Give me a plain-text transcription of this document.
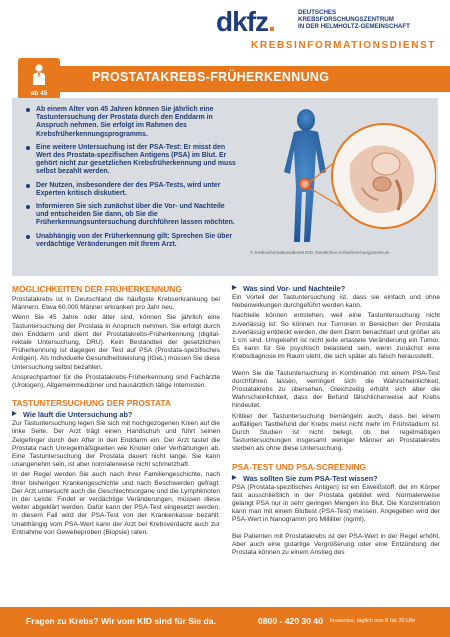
dkfz.	DEUTSCHES
KREBSFORSCHUNGSZENTRUM
IN DER HELMHOLTZ-GEMEINSCHAFT
KREBSINFORMATIONSDIENST
PROSTATAKREBS-FRÜHERKENNUNG
ab 45
Ab einem Alter von 45 Jahren können Sie jährlich eine Tastuntersuchung der Prostata durch den Enddarm in Anspruch nehmen. Sie erfolgt im Rahmen des Krebsfrüherkennungsprogramms.
Eine weitere Untersuchung ist der PSA-Test: Er misst den Wert des Prostata-spezifischen Antigens (PSA) im Blut. Er gehört nicht zur gesetzlichen Krebsfrüherkennung und muss selbst bezahlt werden.
Der Nutzen, insbesondere der des PSA-Tests, wird unter Experten kritisch diskutiert.
Informieren Sie sich zunächst über die Vor- und Nachteile und entscheiden Sie dann, ob Sie die Früherkennungsuntersuchung durchführen lassen möchten.
Unabhängig von der Früherkennung gilt: Sprechen Sie über verdächtige Veränderungen mit Ihrem Arzt.
© Krebsinformationsdienst KID, Deutsches Krebsforschungszentrum
MÖGLICHKEITEN DER FRÜHERKENNUNG

Prostatakrebs ist in Deutschland die häufigste Krebserkrankung bei Männern. Etwa 60.000 Männer erkranken pro Jahr neu.

Wenn Sie 45 Jahre oder älter sind, können Sie jährlich eine Tastuntersuchung der Prostata in Anspruch nehmen. Sie erfolgt durch den Enddarm und dient der Prostatakrebs-Früherkennung (digital-rektale Untersuchung, DRU). Kein Bestandteil der gesetzlichen Früherkennung ist dagegen der Test auf PSA (Prostata-spezifisches Antigen). Als Individuelle Gesundheitsleistung (IGeL) müssen Sie diese Untersuchung selbst bezahlen.

Ansprechpartner für die Prostatakrebs-Früherkennung sind Fachärzte (Urologen), Allgemeinmediziner und hausärztlich tätige Internisten.

TASTUNTERSUCHUNG DER PROSTATA
▶ Wie läuft die Untersuchung ab?

Zur Tastuntersuchung legen Sie sich mit hochgezogenen Knien auf die linke Seite. Der Arzt trägt einen Handschuh und führt seinen Zeigefinger durch den After in den Enddarm ein. Der Arzt tastet die Prostata nach Unregelmäßigkeiten wie Knoten oder Verhärtungen ab. Eine Tastuntersuchung der Prostata dauert nicht lange. Sie kann unangenehm sein, ist aber normalerweise nicht schmerzhaft.

In der Regel werden Sie auch nach Ihrer Familiengeschichte, nach Ihrer bisherigen Krankengeschichte und nach Beschwerden gefragt. Der Arzt untersucht auch die Geschlechtsorgane und die Lymphknoten in der Leiste. Findet er verdächtige Veränderungen, müssen diese weiter abgeklärt werden. Dafür kann der PSA-Test eingesetzt werden. In diesem Fall wird der PSA-Test von der Krankenkasse bezahlt. Unabhängig vom PSA-Wert kann der Arzt bei Krebsverdacht auch zur Entnahme von Gewebeproben (Biopsie) raten.

▶ Was sind Vor- und Nachteile?

Ein Vorteil der Tastuntersuchung ist, dass sie einfach und ohne Nebenwirkungen durchgeführt werden kann.

Nachteile können entstehen, weil eine Tastuntersuchung nicht zuverlässig ist: So können nur Tumoren in Bereichen der Prostata zuverlässig entdeckt werden, die dem Darm benachbart und größer als 1 cm sind. Umgekehrt ist nicht jede ertastete Veränderung ein Tumor. Es kann für Sie psychisch belastend sein, wenn zunächst eine Krebsdiagnose im Raum steht, die sich später als falsch herausstellt.

Wenn Sie die Tastuntersuchung in Kombination mit einem PSA-Test durchführen lassen, verringert sich die Wahrscheinlichkeit, Prostatakrebs zu übersehen. Gleichzeitig erhöht sich aber die Wahrscheinlichkeit, dass der Befund fälschlicherweise auf Krebs hindeutet.

Kritiker der Tastuntersuchung bemängeln auch, dass bei einem auffälligen Tastbefund der Krebs meist nicht mehr im Frühstadium ist. Durch Studien ist nicht belegt, ob bei regelmäßigen Tastuntersuchungen insgesamt weniger Männer an Prostatakrebs sterben als ohne diese Untersuchung.

PSA-TEST UND PSA-SCREENING
▶ Was sollten Sie zum PSA-Test wissen?

PSA (Prostata-spezifisches Antigen) ist ein Eiweißstoff, der im Körper fast ausschließlich in der Prostata gebildet wird. Normalerweise gelangt PSA nur in sehr geringen Mengen ins Blut. Die Konzentration kann man mit einem Bluttest (PSA-Test) messen. Angegeben wird der PSA-Wert in Nanogramm pro Milliliter (ng/ml).

Bei Patienten mit Prostatakrebs ist der PSA-Wert in der Regel erhöht. Aber auch eine gutartige Vergrößerung oder eine Entzündung der Prostata können zu einem Anstieg des

Fragen zu Krebs? Wir vom KID sind für Sie da.	0800 - 420 30 40 kostenlos, täglich von 8 bis 20 Uhr
